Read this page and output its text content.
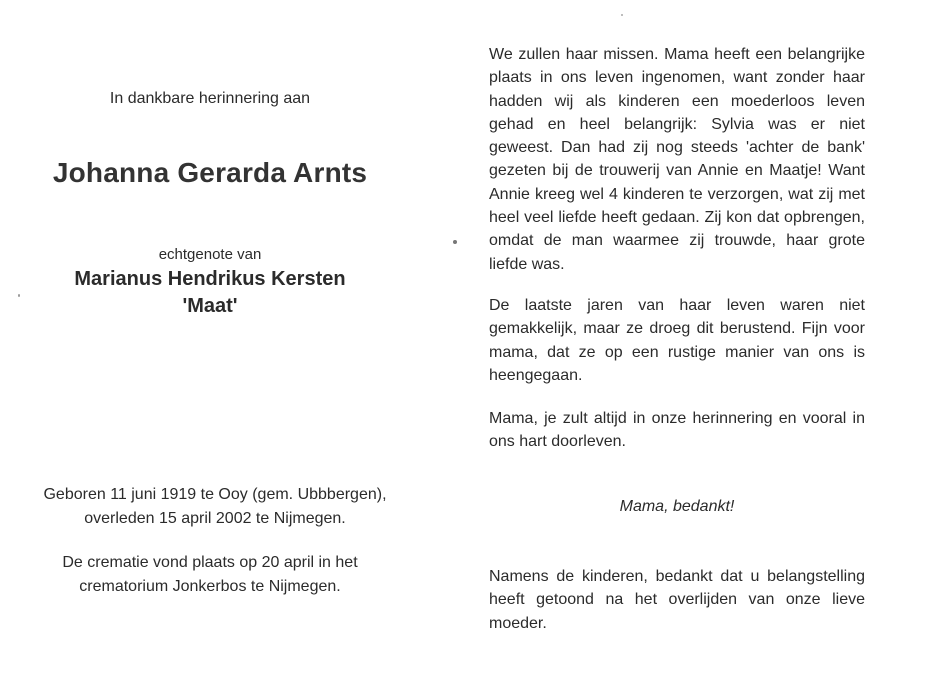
In dankbare herinnering aan
Johanna Gerarda Arnts
echtgenote van
Marianus Hendrikus Kersten
'Maat'
Geboren 11 juni 1919 te Ooy (gem. Ubbbergen),
overleden 15 april 2002 te Nijmegen.
De crematie vond plaats op 20 april in het
crematorium Jonkerbos te Nijmegen.

We zullen haar missen. Mama heeft een belangrijke plaats in ons leven ingenomen, want zonder haar hadden wij als kinderen een moederloos leven gehad en heel belangrijk: Sylvia was er niet geweest. Dan had zij nog steeds 'achter de bank' gezeten bij de trouwerij van Annie en Maatje! Want Annie kreeg wel 4 kinderen te verzorgen, wat zij met heel veel liefde heeft gedaan. Zij kon dat opbrengen, omdat de man waarmee zij trouwde, haar grote liefde was.

De laatste jaren van haar leven waren niet gemakkelijk, maar ze droeg dit berustend. Fijn voor mama, dat ze op een rustige manier van ons is heengegaan.

Mama, je zult altijd in onze herinnering en vooral in ons hart doorleven.

Mama, bedankt!

Namens de kinderen, bedankt dat u belangstelling heeft getoond na het overlijden van onze lieve moeder.
